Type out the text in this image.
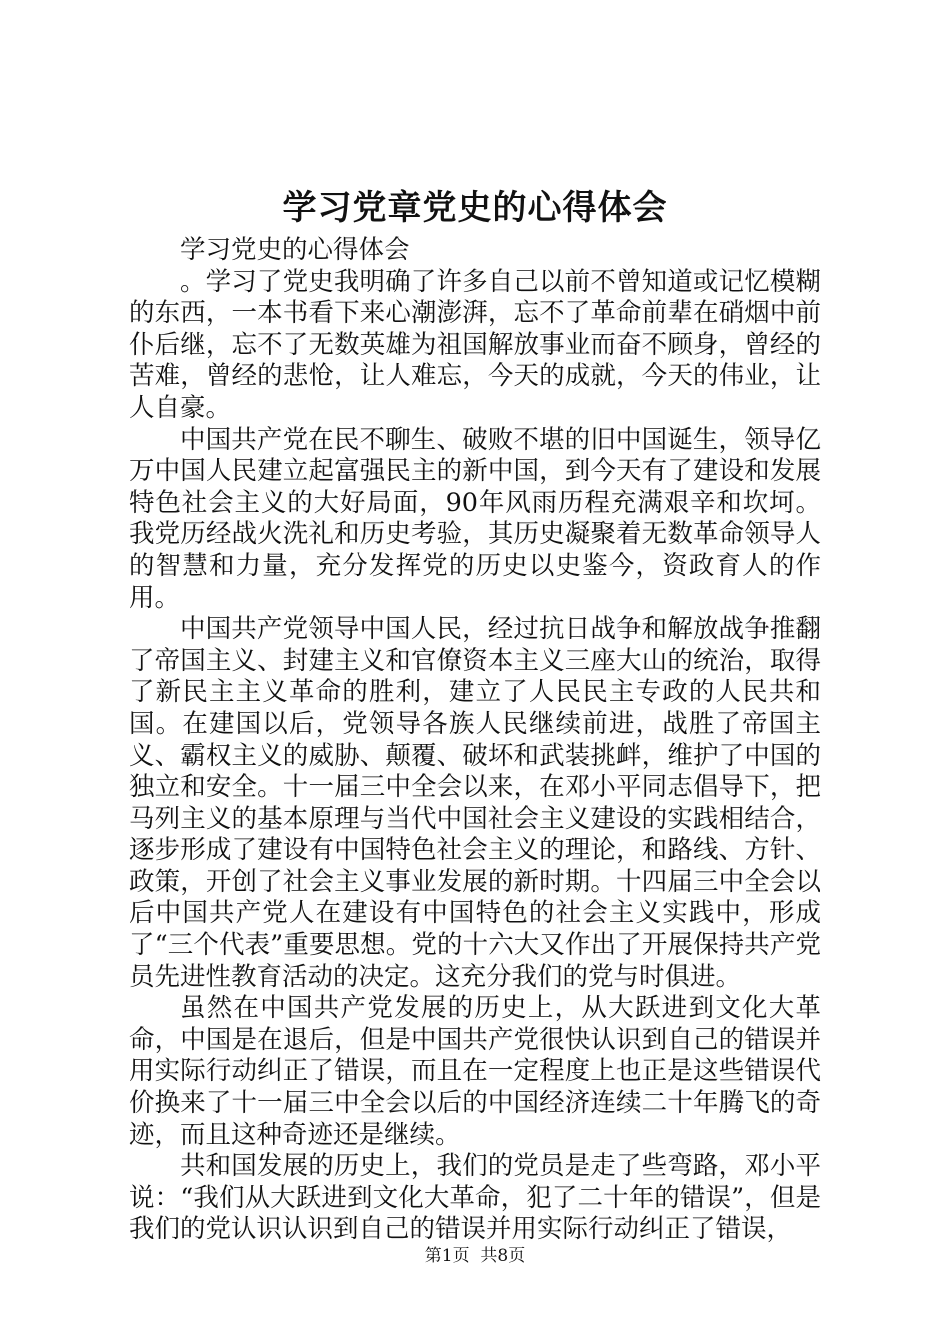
学习党章党史的心得体会

学习党史的心得体会

。学习了党史我明确了许多自己以前不曾知道或记忆模糊的东西，一本书看下来心潮澎湃，忘不了革命前辈在硝烟中前仆后继，忘不了无数英雄为祖国解放事业而奋不顾身，曾经的苦难，曾经的悲怆，让人难忘，今天的成就，今天的伟业，让人自豪。

中国共产党在民不聊生、破败不堪的旧中国诞生，领导亿万中国人民建立起富强民主的新中国，到今天有了建设和发展特色社会主义的大好局面，90年风雨历程充满艰辛和坎坷。我党历经战火洗礼和历史考验，其历史凝聚着无数革命领导人的智慧和力量，充分发挥党的历史以史鉴今，资政育人的作用。

中国共产党领导中国人民，经过抗日战争和解放战争推翻了帝国主义、封建主义和官僚资本主义三座大山的统治，取得了新民主主义革命的胜利，建立了人民民主专政的人民共和国。在建国以后，党领导各族人民继续前进，战胜了帝国主义、霸权主义的威胁、颠覆、破坏和武装挑衅，维护了中国的独立和安全。十一届三中全会以来，在邓小平同志倡导下，把马列主义的基本原理与当代中国社会主义建设的实践相结合，逐步形成了建设有中国特色社会主义的理论，和路线、方针、政策，开创了社会主义事业发展的新时期。十四届三中全会以后中国共产党人在建设有中国特色的社会主义实践中，形成了“三个代表”重要思想。党的十六大又作出了开展保持共产党员先进性教育活动的决定。这充分我们的党与时俱进。

虽然在中国共产党发展的历史上，从大跃进到文化大革命，中国是在退后，但是中国共产党很快认识到自己的错误并用实际行动纠正了错误，而且在一定程度上也正是这些错误代价换来了十一届三中全会以后的中国经济连续二十年腾飞的奇迹，而且这种奇迹还是继续。

共和国发展的历史上，我们的党员是走了些弯路，邓小平说：“我们从大跃进到文化大革命，犯了二十年的错误”，但是我们的党认识认识到自己的错误并用实际行动纠正了错误，

第1页 共8页
